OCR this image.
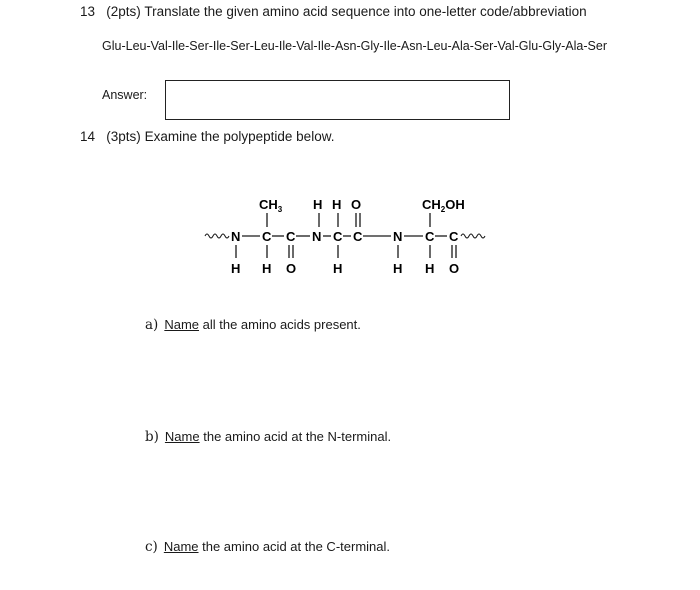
13 (2pts) Translate the given amino acid sequence into one-letter code/abbreviation
Glu-Leu-Val-Ile-Ser-Ile-Ser-Leu-Ile-Val-Ile-Asn-Gly-Ile-Asn-Leu-Ala-Ser-Val-Glu-Gly-Ala-Ser
Answer:
14 (3pts) Examine the polypeptide below.
$CH_3$ H H O	$CH_2OH$
N C C N C C N C C
H H O	H	H H O
a) Name all the amino acids present.
b) Name the amino acid at the N-terminal.
c) Name the amino acid at the C-terminal.
